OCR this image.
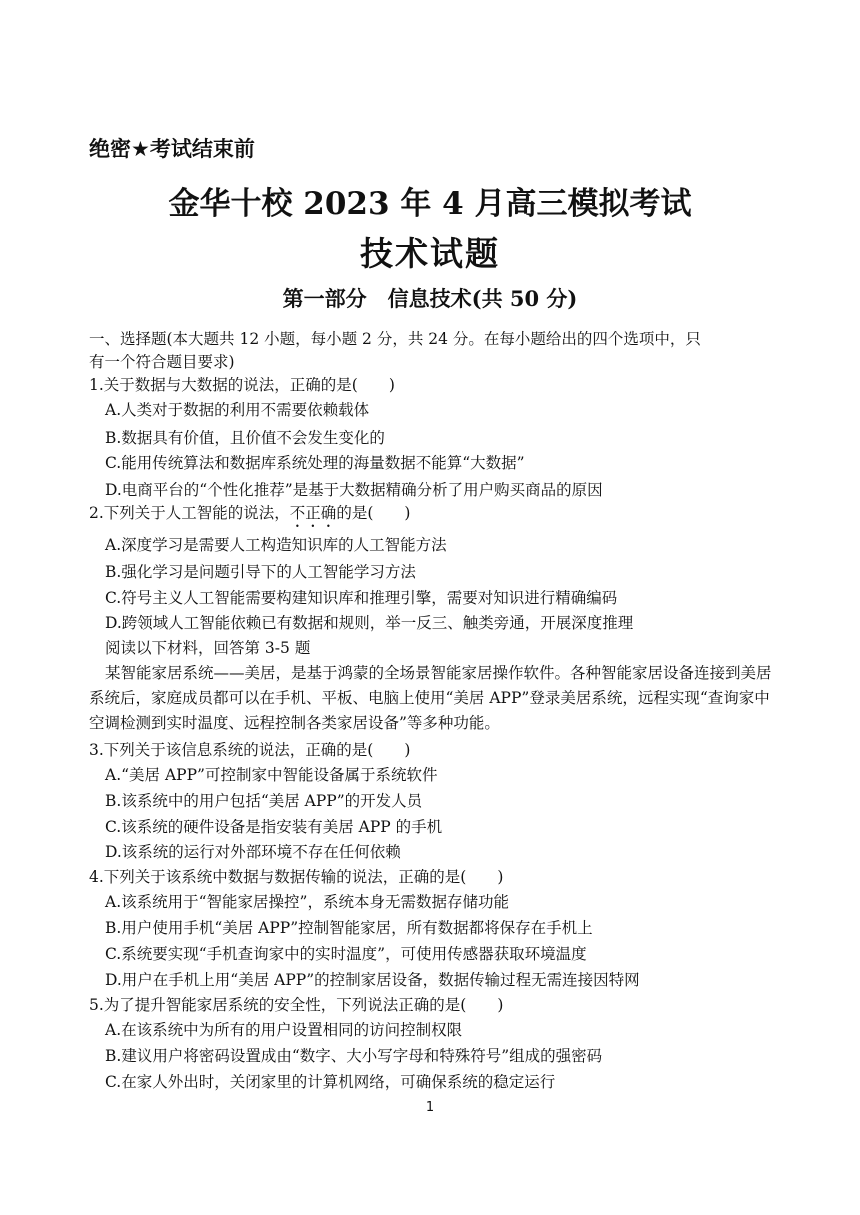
绝密★考试结束前
金华十校 2023 年 4 月高三模拟考试
技术试题
第一部分　信息技术(共 50 分)
一、选择题(本大题共 12 小题，每小题 2 分，共 24 分。在每小题给出的四个选项中，只
有一个符合题目要求)
1.关于数据与大数据的说法，正确的是(　　)
A.人类对于数据的利用不需要依赖载体
B.数据具有价值，且价值不会发生变化的
C.能用传统算法和数据库系统处理的海量数据不能算“大数据”
D.电商平台的“个性化推荐”是基于大数据精确分析了用户购买商品的原因
2.下列关于人工智能的说法，不正确的是(　　)
A.深度学习是需要人工构造知识库的人工智能方法
B.强化学习是问题引导下的人工智能学习方法
C.符号主义人工智能需要构建知识库和推理引擎，需要对知识进行精确编码
D.跨领域人工智能依赖已有数据和规则，举一反三、触类旁通，开展深度推理
阅读以下材料，回答第 3-5 题
某智能家居系统——美居，是基于鸿蒙的全场景智能家居操作软件。各种智能家居设备连接到美居系统后，家庭成员都可以在手机、平板、电脑上使用“美居 APP”登录美居系统，远程实现“查询家中空调检测到实时温度、远程控制各类家居设备”等多种功能。
3.下列关于该信息系统的说法，正确的是(　　)
A.“美居 APP”可控制家中智能设备属于系统软件
B.该系统中的用户包括“美居 APP”的开发人员
C.该系统的硬件设备是指安装有美居 APP 的手机
D.该系统的运行对外部环境不存在任何依赖
4.下列关于该系统中数据与数据传输的说法，正确的是(　　)
A.该系统用于“智能家居操控”，系统本身无需数据存储功能
B.用户使用手机“美居 APP”控制智能家居，所有数据都将保存在手机上
C.系统要实现“手机查询家中的实时温度”，可使用传感器获取环境温度
D.用户在手机上用“美居 APP”的控制家居设备，数据传输过程无需连接因特网
5.为了提升智能家居系统的安全性，下列说法正确的是(　　)
A.在该系统中为所有的用户设置相同的访问控制权限
B.建议用户将密码设置成由“数字、大小写字母和特殊符号”组成的强密码
C.在家人外出时，关闭家里的计算机网络，可确保系统的稳定运行
1
